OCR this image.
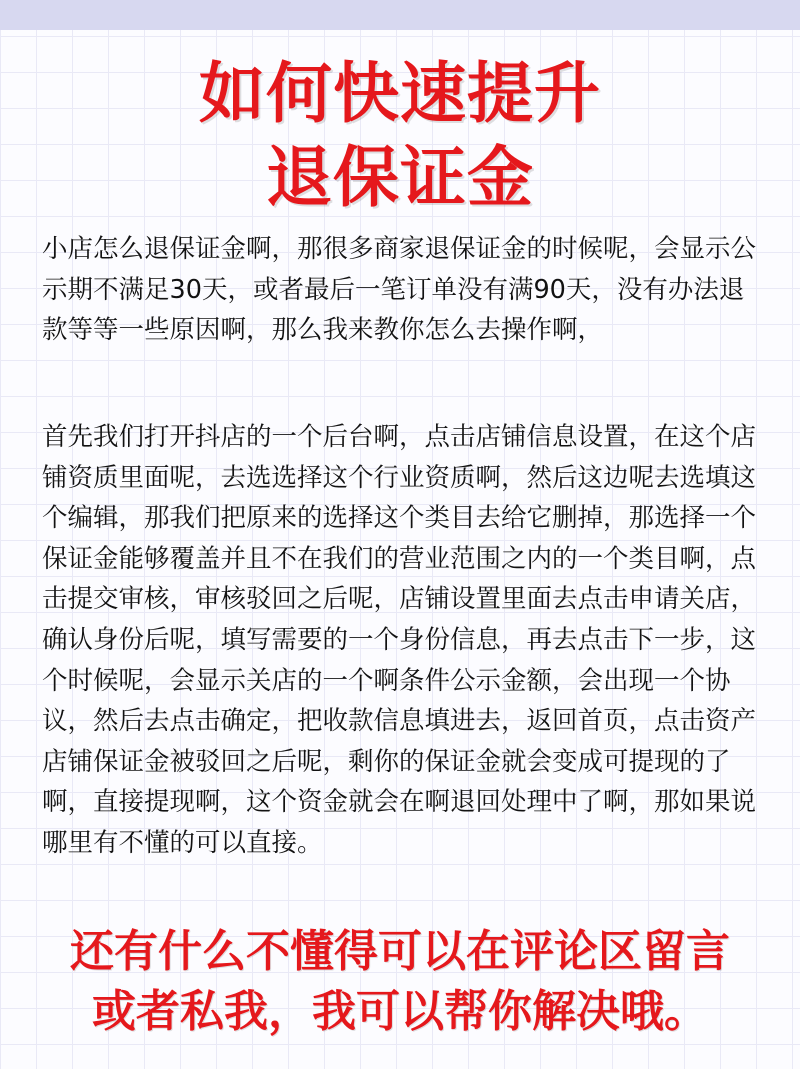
如何快速提升
退保证金

小店怎么退保证金啊，那很多商家退保证金的时候呢，会显示公示期不满足30天，或者最后一笔订单没有满90天，没有办法退款等等一些原因啊，那么我来教你怎么去操作啊，

首先我们打开抖店的一个后台啊，点击店铺信息设置，在这个店铺资质里面呢，去选选择这个行业资质啊，然后这边呢去选填这个编辑，那我们把原来的选择这个类目去给它删掉，那选择一个保证金能够覆盖并且不在我们的营业范围之内的一个类目啊，点击提交审核，审核驳回之后呢，店铺设置里面去点击申请关店，确认身份后呢，填写需要的一个身份信息，再去点击下一步，这个时候呢，会显示关店的一个啊条件公示金额，会出现一个协议，然后去点击确定，把收款信息填进去，返回首页，点击资产店铺保证金被驳回之后呢，剩你的保证金就会变成可提现的了啊，直接提现啊，这个资金就会在啊退回处理中了啊，那如果说哪里有不懂的可以直接。

还有什么不懂得可以在评论区留言
或者私我，我可以帮你解决哦。
